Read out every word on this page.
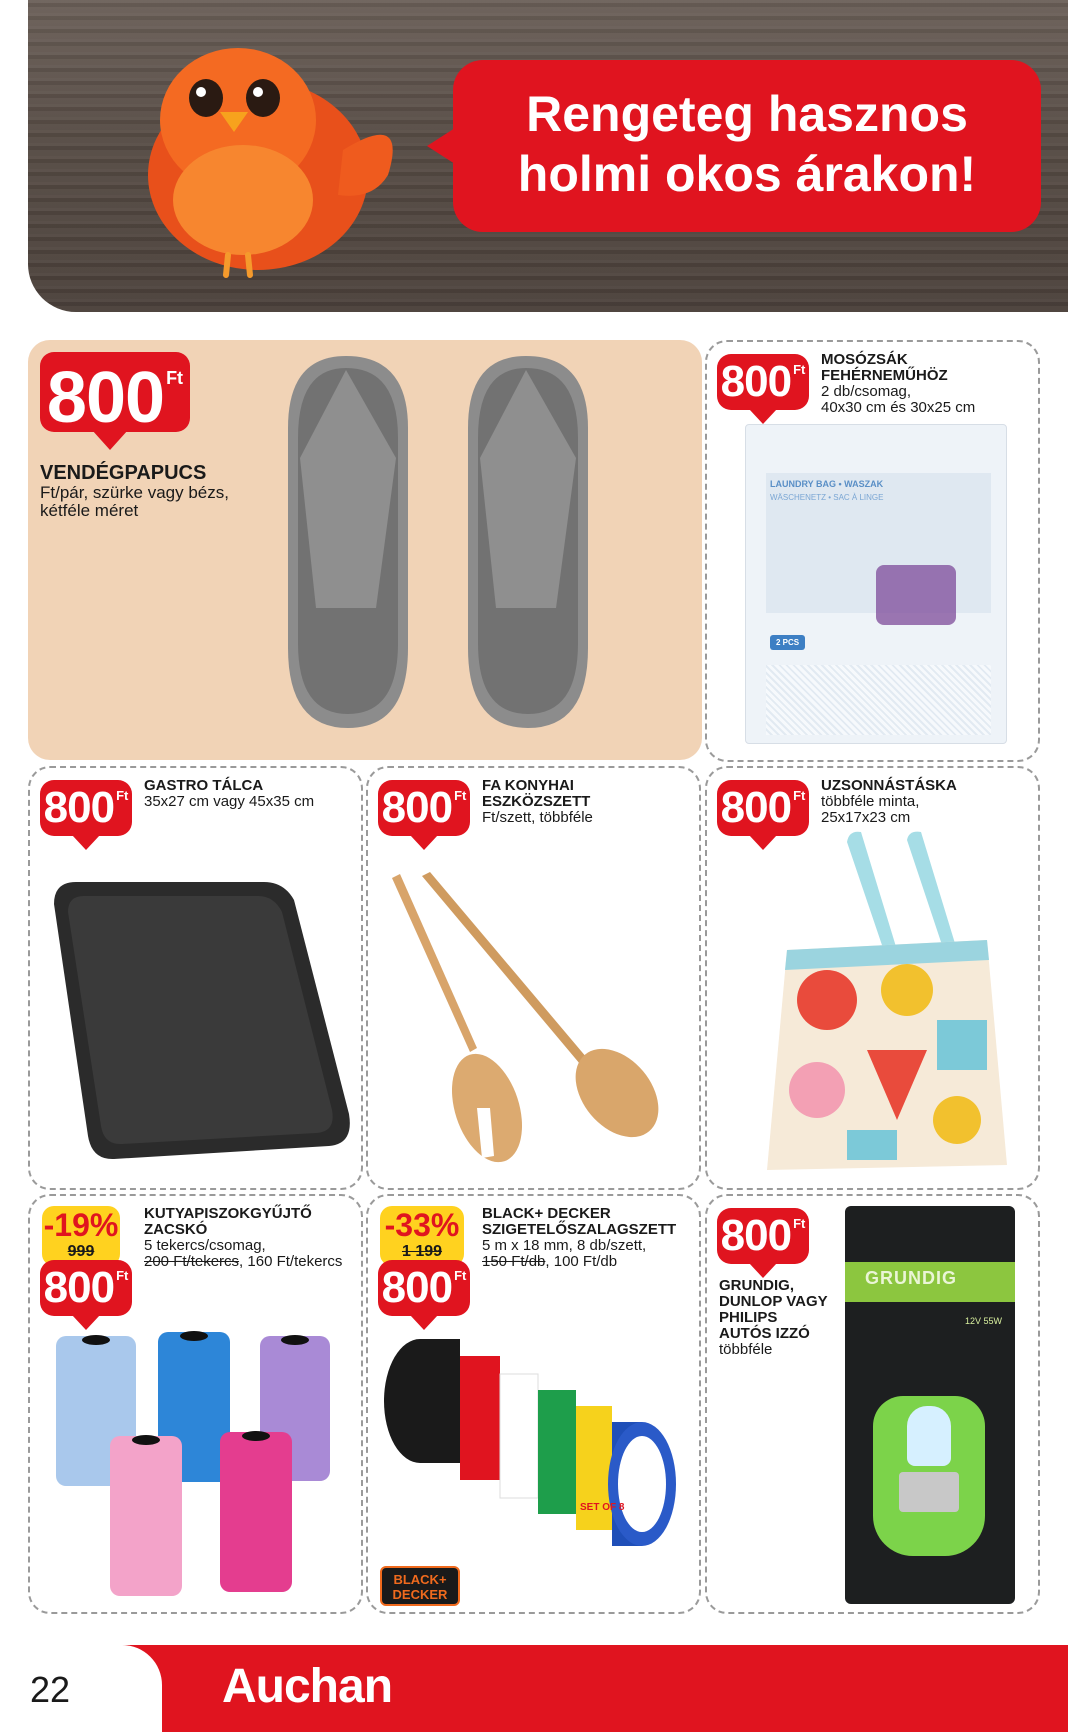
Rengeteg hasznos
holmi okos árakon!
800 Ft
VENDÉGPAPUCS
Ft/pár, szürke vagy bézs,
kétféle méret
800 Ft
MOSÓZSÁK
FEHÉRNEMŰHÖZ
2 db/csomag,
40x30 cm és 30x25 cm
LAUNDRY BAG • WASZAK
WÄSCHENETZ • SAC À LINGE
2 PCS
800 Ft
GASTRO TÁLCA
35x27 cm vagy 45x35 cm 800 Ft
FA KONYHAI
ESZKÖZSZETT
Ft/szett, többféle	800 Ft
UZSONNÁSTÁSKA
többféle minta,
25x17x23 cm
-19%
999
800 Ft
KUTYAPISZOKGYŰJTŐ
ZACSKÓ
5 tekercs/csomag,
200 Ft/tekercs, 160 Ft/tekercs
-33%
1 199
800 Ft
BLACK+ DECKER
SZIGETELŐSZALAGSZETT
5 m x 18 mm, 8 db/szett,
150 Ft/db, 100 Ft/db
SET OF 8
BLACK+
DECKER
800 Ft
GRUNDIG,
DUNLOP VAGY
PHILIPS
AUTÓS IZZÓ
többféle
GRUNDIG
12V 55W
22	Auchan
